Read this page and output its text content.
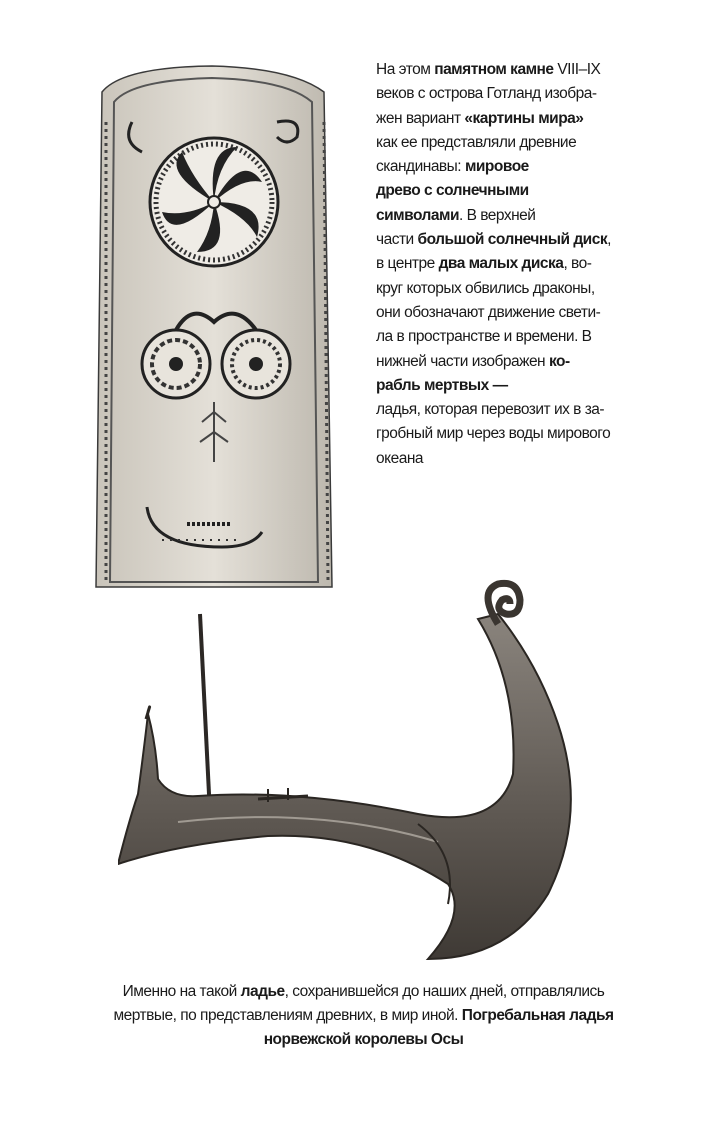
На этом памятном камне VIII–IX
веков с острова Готланд изобра-
жен вариант «картины мира»
как ее представляли древние
скандинавы: мировое
древо с солнечными
символами. В верхней
части большой солнечный диск,
в центре два малых диска, во-
круг которых обвились драконы,
они обозначают движение свети-
ла в пространстве и времени. В
нижней части изображен ко-
рабль мертвых —
ладья, которая перевозит их в за-
гробный мир через воды мирового
океана
Именно на такой ладье, сохранившейся до наших дней, отправлялись
мертвые, по представлениям древних, в мир иной. Погребальная ладья
норвежской королевы Осы
